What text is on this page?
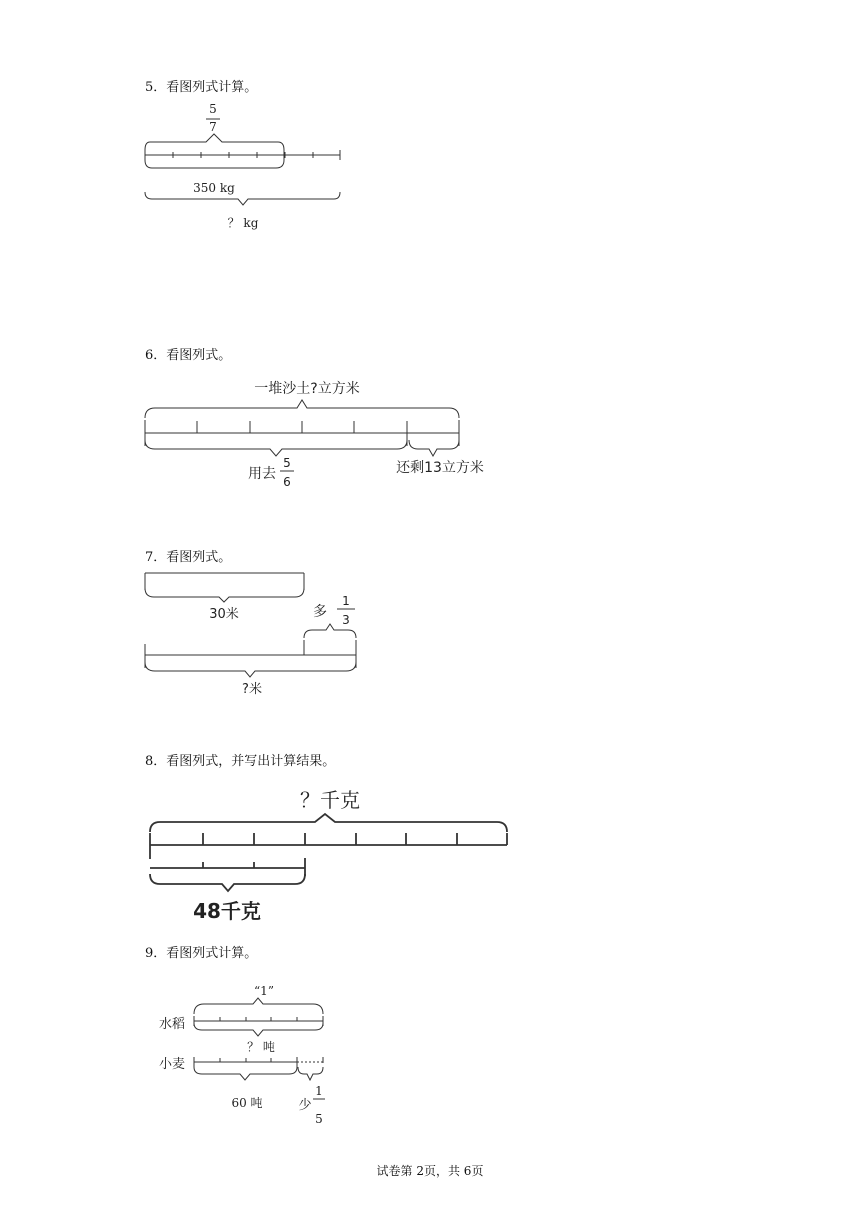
5．看图列式计算。
6．看图列式。
7．看图列式。
8．看图列式，并写出计算结果。
9．看图列式计算。
5
7
350 kg
？ kg
一堆沙土?立方米
用去
5
6
还剩13立方米
30米	多
1
3
?米
？千克
48千克
“1”
水稻
？ 吨
小麦
60 吨	少
1
5
试卷第 2页，共 6页
